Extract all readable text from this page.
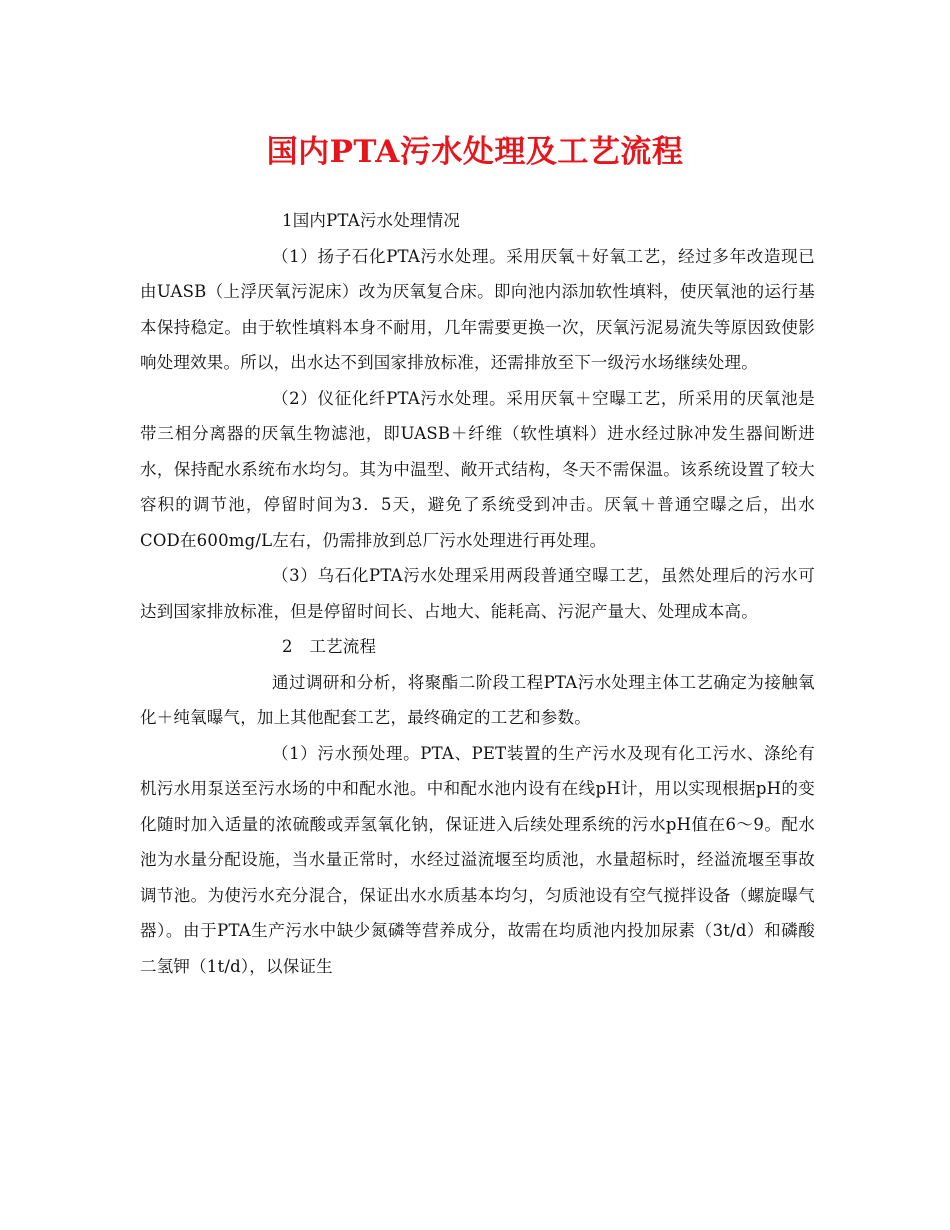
国内PTA污水处理及工艺流程

1国内PTA污水处理情况

（1）扬子石化PTA污水处理。采用厌氧＋好氧工艺，经过多年改造现已由UASB（上浮厌氧污泥床）改为厌氧复合床。即向池内添加软性填料，使厌氧池的运行基本保持稳定。由于软性填料本身不耐用，几年需要更换一次，厌氧污泥易流失等原因致使影响处理效果。所以，出水达不到国家排放标准，还需排放至下一级污水场继续处理。

（2）仪征化纤PTA污水处理。采用厌氧＋空曝工艺，所采用的厌氧池是带三相分离器的厌氧生物滤池，即UASB＋纤维（软性填料）进水经过脉冲发生器间断进水，保持配水系统布水均匀。其为中温型、敞开式结构，冬天不需保温。该系统设置了较大容积的调节池，停留时间为3．5天，避免了系统受到冲击。厌氧＋普通空曝之后，出水COD在600mg/L左右，仍需排放到总厂污水处理进行再处理。

（3）乌石化PTA污水处理采用两段普通空曝工艺，虽然处理后的污水可达到国家排放标准，但是停留时间长、占地大、能耗高、污泥产量大、处理成本高。

2　工艺流程

通过调研和分析，将聚酯二阶段工程PTA污水处理主体工艺确定为接触氧化＋纯氧曝气，加上其他配套工艺，最终确定的工艺和参数。

（1）污水预处理。PTA、PET装置的生产污水及现有化工污水、涤纶有机污水用泵送至污水场的中和配水池。中和配水池内设有在线pH计，用以实现根据pH的变化随时加入适量的浓硫酸或弄氢氧化钠，保证进入后续处理系统的污水pH值在6～9。配水池为水量分配设施，当水量正常时，水经过溢流堰至均质池，水量超标时，经溢流堰至事故调节池。为使污水充分混合，保证出水水质基本均匀，匀质池设有空气搅拌设备（螺旋曝气器）。由于PTA生产污水中缺少氮磷等营养成分，故需在均质池内投加尿素（3t/d）和磷酸二氢钾（1t/d），以保证生
